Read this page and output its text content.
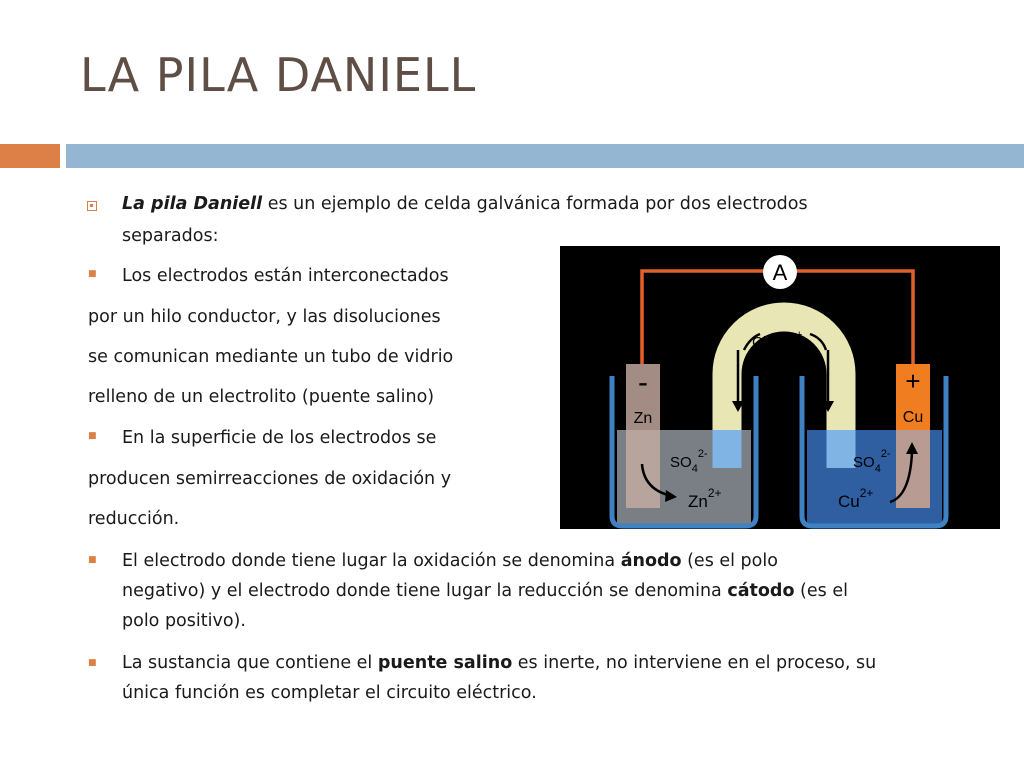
LA PILA DANIELL
La pila Daniell es un ejemplo de celda galvánica formada por dos electrodos
separados:
■ Los electrodos están interconectados
por un hilo conductor, y las disoluciones
se comunican mediante un tubo de vidrio
relleno de un electrolito (puente salino)
■ En la superficie de los electrodos se
producen semirreacciones de oxidación y
reducción.
■ El electrodo donde tiene lugar la oxidación se denomina ánodo (es el polo
negativo) y el electrodo donde tiene lugar la reducción se denomina cátodo (es el
polo positivo).
■ La sustancia que contiene el puente salino es inerte, no interviene en el proceso, su
única función es completar el circuito eléctrico.
A
Cl- K+
-
Zn
+
Cu
$SO_4^{2-}$
$Zn^{2+}$
$SO_4^{2-}$
$Cu^{2+}$
